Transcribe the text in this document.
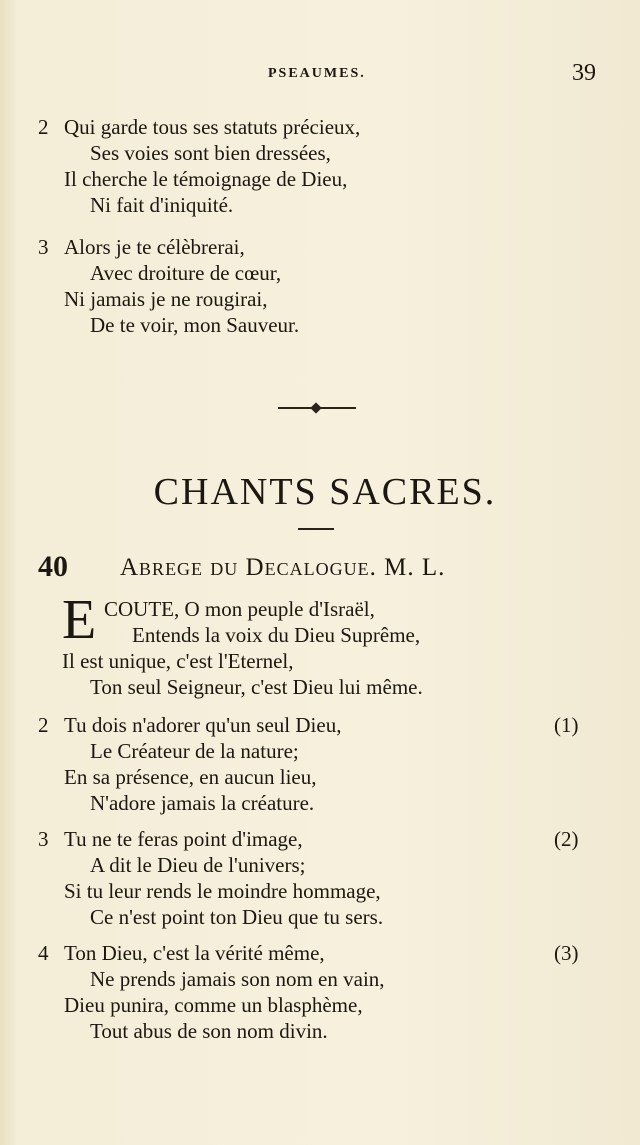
PSEAUMES.	39
2 Qui garde tous ses statuts précieux,
Ses voies sont bien dressées,
Il cherche le témoignage de Dieu,
Ni fait d'iniquité.
3 Alors je te célèbrerai,
Avec droiture de cœur,
Ni jamais je ne rougirai,
De te voir, mon Sauveur.
CHANTS SACRES.
40 Abrege du Decalogue. M. L.
E COUTE, O mon peuple d'Israël,
Entends la voix du Dieu Suprême,
Il est unique, c'est l'Eternel,
Ton seul Seigneur, c'est Dieu lui même.
2 Tu dois n'adorer qu'un seul Dieu,	(1)
Le Créateur de la nature;
En sa présence, en aucun lieu,
N'adore jamais la créature.
3 Tu ne te feras point d'image,	(2)
A dit le Dieu de l'univers;
Si tu leur rends le moindre hommage,
Ce n'est point ton Dieu que tu sers.
4 Ton Dieu, c'est la vérité même,	(3)
Ne prends jamais son nom en vain,
Dieu punira, comme un blasphème,
Tout abus de son nom divin.
